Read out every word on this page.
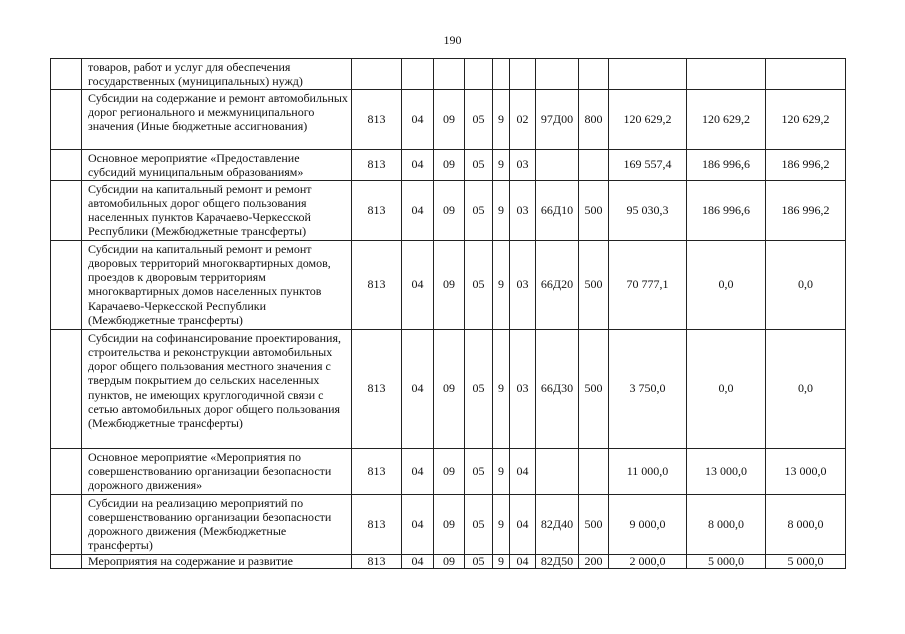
190
	товаров, работ и услуг для обеспечения государственных (муниципальных) нужд)											
	Субсидии на содержание и ремонт автомобильных дорог регионального и межмуниципального значения (Иные бюджетные ассигнования)	813	04	09	05	9	02	97Д00	800	120 629,2	120 629,2	120 629,2
	Основное мероприятие «Предоставление субсидий муниципальным образованиям»	813	04	09	05	9	03			169 557,4	186 996,6	186 996,2
	Субсидии на капитальный ремонт и ремонт автомобильных дорог общего пользования населенных пунктов Карачаево-Черкесской Республики (Межбюджетные трансферты)	813	04	09	05	9	03	66Д10	500	95 030,3	186 996,6	186 996,2
	Субсидии на капитальный ремонт и ремонт дворовых территорий многоквартирных домов, проездов к дворовым территориям многоквартирных домов населенных пунктов Карачаево-Черкесской Республики (Межбюджетные трансферты)	813	04	09	05	9	03	66Д20	500	70 777,1	0,0	0,0
	Субсидии на софинансирование проектирования, строительства и реконструкции автомобильных дорог общего пользования местного значения с твердым покрытием до сельских населенных пунктов, не имеющих круглогодичной связи с сетью автомобильных дорог общего пользования (Межбюджетные трансферты)	813	04	09	05	9	03	66Д30	500	3 750,0	0,0	0,0
	Основное мероприятие «Мероприятия по совершенствованию организации безопасности дорожного движения»	813	04	09	05	9	04			11 000,0	13 000,0	13 000,0
	Субсидии на реализацию мероприятий по совершенствованию организации безопасности дорожного движения (Межбюджетные трансферты)	813	04	09	05	9	04	82Д40	500	9 000,0	8 000,0	8 000,0
	Мероприятия на содержание и развитие	813	04	09	05	9	04	82Д50	200	2 000,0	5 000,0	5 000,0
